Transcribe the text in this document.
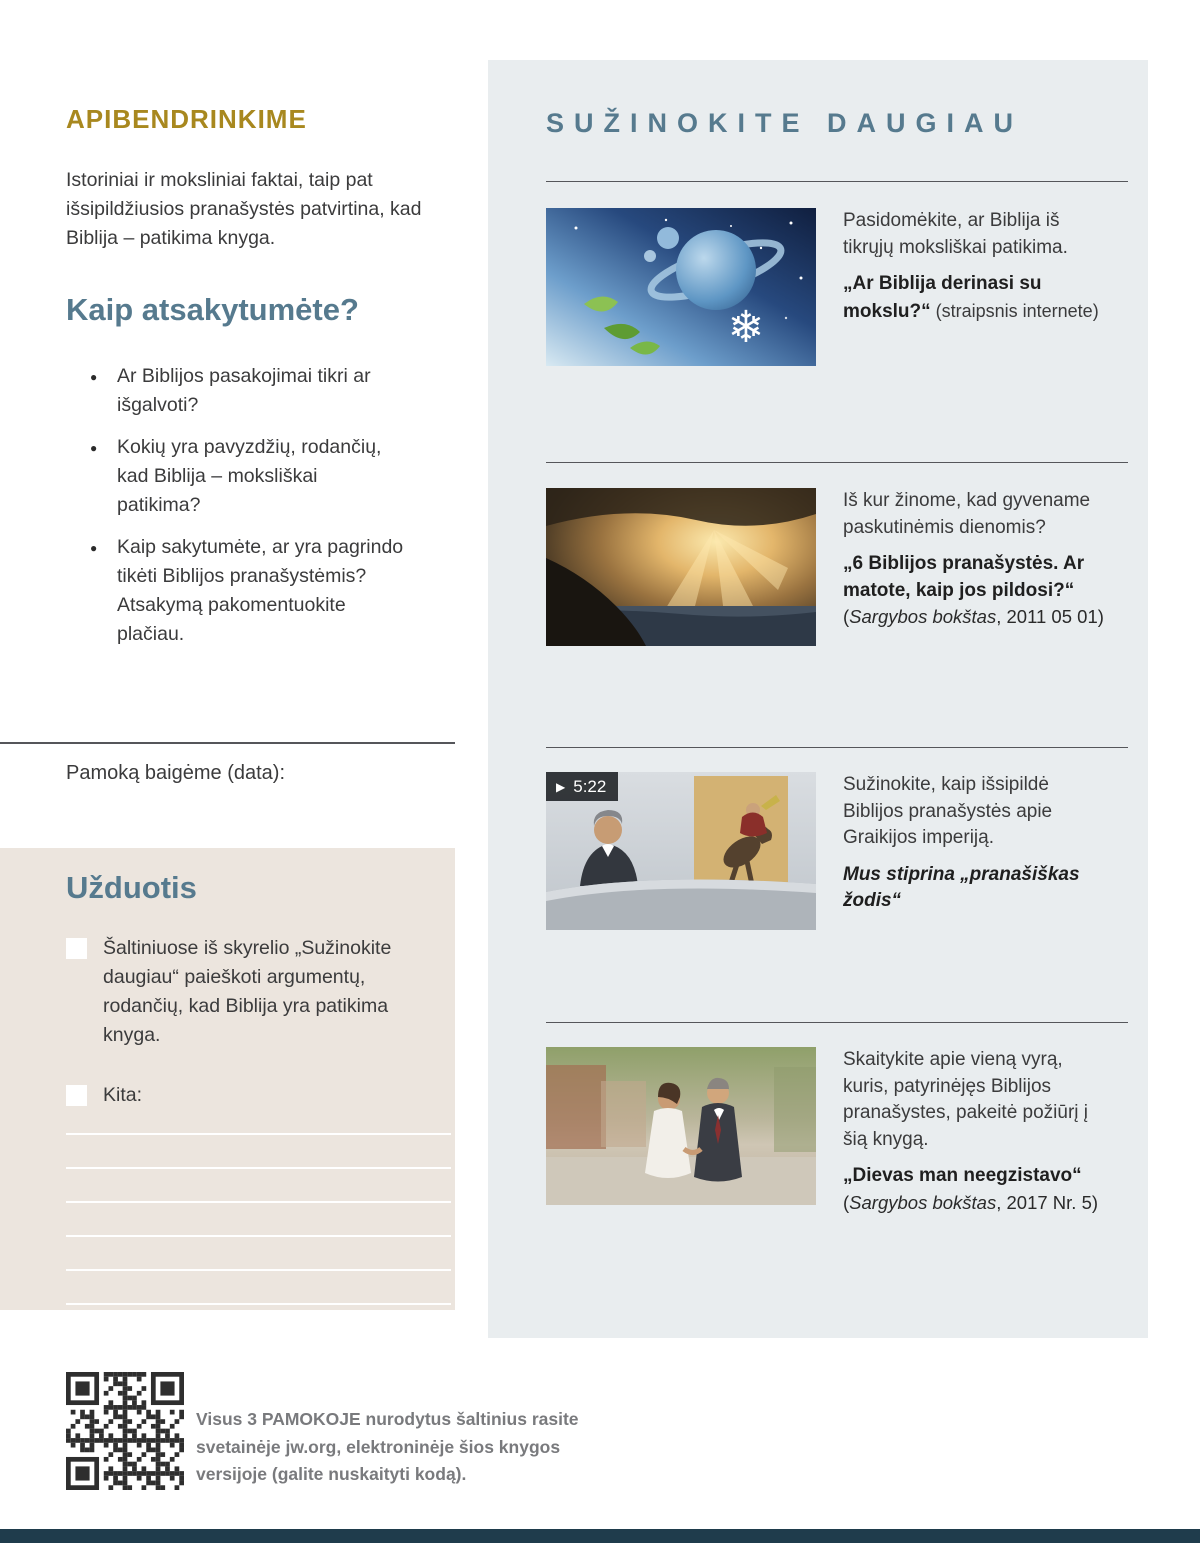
APIBENDRINKIME

Istoriniai ir moksliniai faktai, taip pat išsipildžiusios pranašystės patvirtina, kad Biblija – patikima knyga.

Kaip atsakytumėte?
● Ar Biblijos pasakojimai tikri ar išgalvoti?
● Kokių yra pavyzdžių, rodančių, kad Biblija – moksliškai patikima?
● Kaip sakytumėte, ar yra pagrindo tikėti Biblijos pranašystėmis? Atsakymą pakomentuokite plačiau.

Pamoką baigėme (data):

Užduotis
Šaltiniuose iš skyrelio „Sužinokite daugiau“ paieškoti argumentų, rodančių, kad Biblija yra patikima knyga.
Kita:

Visus 3 PAMOKOJE nurodytus šaltinius rasite svetainėje jw.org, elektroninėje šios knygos versijoje (galite nuskaityti kodą).

SUŽINOKITE DAUGIAU
❄

Pasidomėkite, ar Biblija iš tikrųjų moksliškai patikima.

„Ar Biblija derinasi su mokslu?“ (straipsnis internete)

Iš kur žinome, kad gyvename paskutinėmis dienomis?

„6 Biblijos pranašystės. Ar matote, kaip jos pildosi?“

(Sargybos bokštas, 2011 05 01)

▶ 5:22	Sužinokite, kaip išsipildė Biblijos pranašystės apie Graikijos imperiją.

Mus stiprina „pranašiškas žodis“

Skaitykite apie vieną vyrą, kuris, patyrinėjęs Biblijos pranašystes, pakeitė požiūrį į šią knygą.

„Dievas man neegzistavo“

(Sargybos bokštas, 2017 Nr. 5)
